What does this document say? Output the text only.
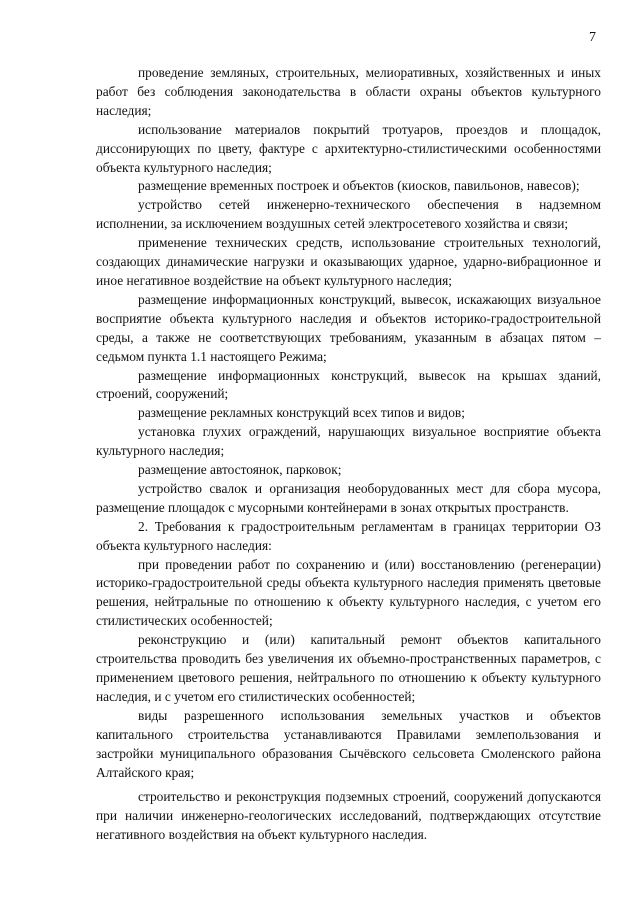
7

проведение земляных, строительных, мелиоративных, хозяйственных и иных работ без соблюдения законодательства в области охраны объектов культурного наследия;

использование материалов покрытий тротуаров, проездов и площадок, диссонирующих по цвету, фактуре с архитектурно-стилистическими особенностями объекта культурного наследия;

размещение временных построек и объектов (киосков, павильонов, навесов);

устройство сетей инженерно-технического обеспечения в надземном исполнении, за исключением воздушных сетей электросетевого хозяйства и связи;

применение технических средств, использование строительных технологий, создающих динамические нагрузки и оказывающих ударное, ударно-вибрационное и иное негативное воздействие на объект культурного наследия;

размещение информационных конструкций, вывесок, искажающих визуальное восприятие объекта культурного наследия и объектов историко-градостроительной среды, а также не соответствующих требованиям, указанным в абзацах пятом – седьмом пункта 1.1 настоящего Режима;

размещение информационных конструкций, вывесок на крышах зданий, строений, сооружений;

размещение рекламных конструкций всех типов и видов;

установка глухих ограждений, нарушающих визуальное восприятие объекта культурного наследия;

размещение автостоянок, парковок;

устройство свалок и организация необорудованных мест для сбора мусора, размещение площадок с мусорными контейнерами в зонах открытых пространств.

2. Требования к градостроительным регламентам в границах территории ОЗ объекта культурного наследия:

при проведении работ по сохранению и (или) восстановлению (регенерации) историко-градостроительной среды объекта культурного наследия применять цветовые решения, нейтральные по отношению к объекту культурного наследия, с учетом его стилистических особенностей;

реконструкцию и (или) капитальный ремонт объектов капитального строительства проводить без увеличения их объемно-пространственных параметров, с применением цветового решения, нейтрального по отношению к объекту культурного наследия, и с учетом его стилистических особенностей;

виды разрешенного использования земельных участков и объектов капитального строительства устанавливаются Правилами землепользования и застройки муниципального образования Сычёвского сельсовета Смоленского района Алтайского края;

строительство и реконструкция подземных строений, сооружений допускаются при наличии инженерно-геологических исследований, подтверждающих отсутствие негативного воздействия на объект культурного наследия.
